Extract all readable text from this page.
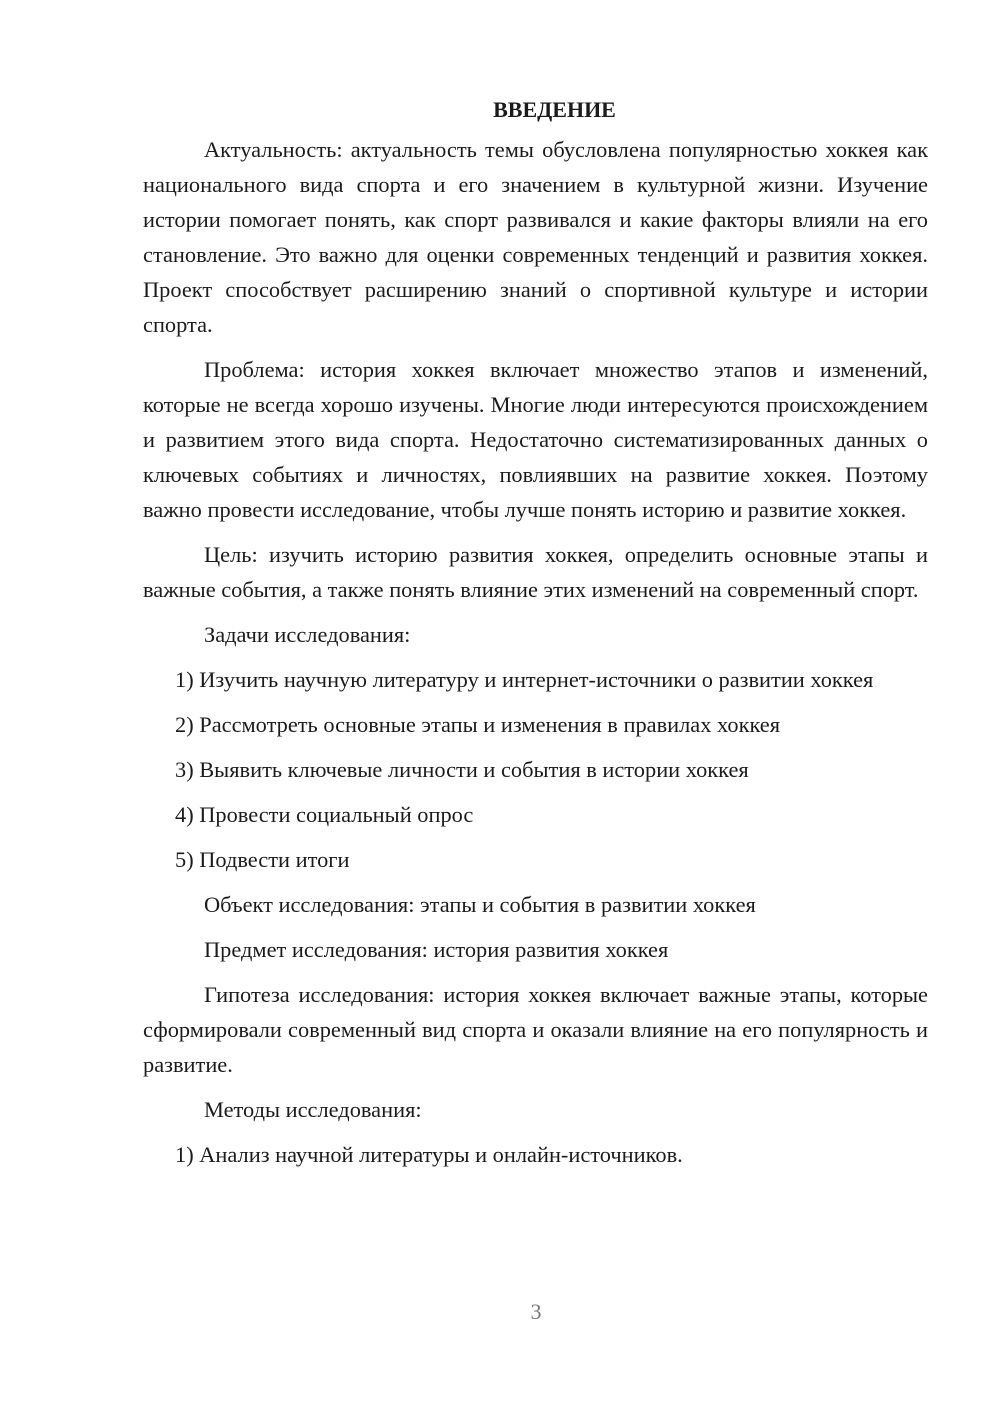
ВВЕДЕНИЕ

Актуальность: актуальность темы обусловлена популярностью хоккея как национального вида спорта и его значением в культурной жизни. Изучение истории помогает понять, как спорт развивался и какие факторы влияли на его становление. Это важно для оценки современных тенденций и развития хоккея. Проект способствует расширению знаний о спортивной культуре и истории спорта.

Проблема: история хоккея включает множество этапов и изменений, которые не всегда хорошо изучены. Многие люди интересуются происхождением и развитием этого вида спорта. Недостаточно систематизированных данных о ключевых событиях и личностях, повлиявших на развитие хоккея. Поэтому важно провести исследование, чтобы лучше понять историю и развитие хоккея.

Цель: изучить историю развития хоккея, определить основные этапы и важные события, а также понять влияние этих изменений на современный спорт.

Задачи исследования:

1) Изучить научную литературу и интернет-источники о развитии хоккея

2) Рассмотреть основные этапы и изменения в правилах хоккея

3) Выявить ключевые личности и события в истории хоккея

4) Провести социальный опрос

5) Подвести итоги

Объект исследования: этапы и события в развитии хоккея

Предмет исследования: история развития хоккея

Гипотеза исследования: история хоккея включает важные этапы, которые сформировали современный вид спорта и оказали влияние на его популярность и развитие.

Методы исследования:

1) Анализ научной литературы и онлайн-источников.

3
